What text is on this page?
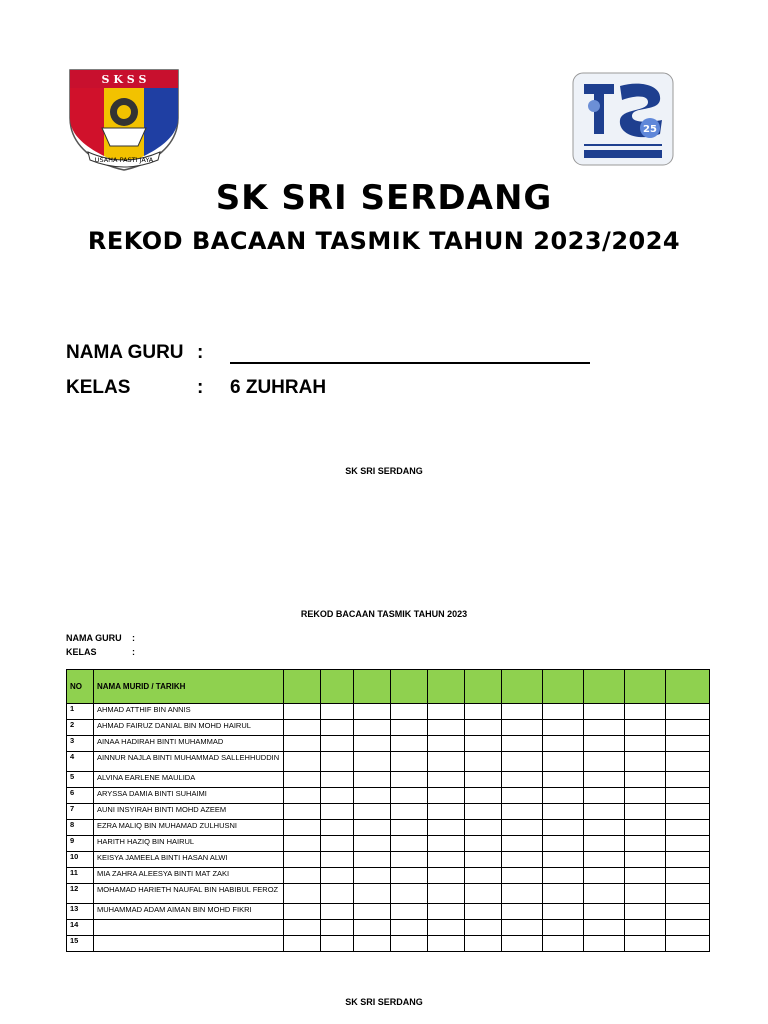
S K S S
USAHA PASTI JAYA
25
SK SRI SERDANG
REKOD BACAAN TASMIK TAHUN 2023/2024
NAMA GURU :
KELAS	: 6 ZUHRAH
SK SRI SERDANG
REKOD BACAAN TASMIK TAHUN 2023
NAMA GURU :
KELAS	:
NO	NAMA MURID / TARIKH											
1	AHMAD ATTHIF BIN ANNIS											
2	AHMAD FAIRUZ DANIAL BIN MOHD HAIRUL											
3	AINAA HADIRAH BINTI MUHAMMAD											
4	AINNUR NAJLA BINTI MUHAMMAD SALLEHHUDDIN											
5	ALVINA EARLENE MAULIDA											
6	ARYSSA DAMIA BINTI SUHAIMI											
7	AUNI INSYIRAH BINTI MOHD AZEEM											
8	EZRA MALIQ BIN MUHAMAD ZULHUSNI											
9	HARITH HAZIQ BIN HAIRUL											
10	KEISYA JAMEELA BINTI HASAN ALWI											
11	MIA ZAHRA ALEESYA BINTI MAT ZAKI											
12	MOHAMAD HARIETH NAUFAL BIN HABIBUL FEROZ											
13	MUHAMMAD ADAM AIMAN BIN MOHD FIKRI											
14												
15												
SK SRI SERDANG
